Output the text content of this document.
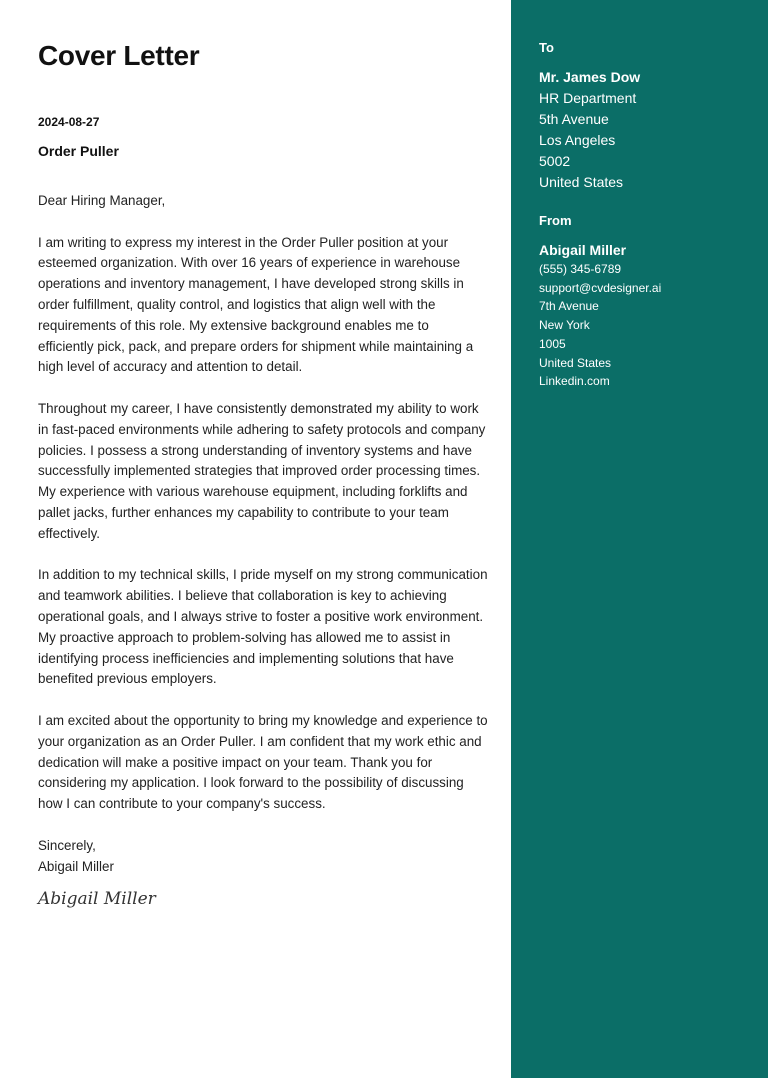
Cover Letter
2024-08-27
Order Puller

Dear Hiring Manager,

I am writing to express my interest in the Order Puller position at your esteemed organization. With over 16 years of experience in warehouse operations and inventory management, I have developed strong skills in order fulfillment, quality control, and logistics that align well with the requirements of this role. My extensive background enables me to efficiently pick, pack, and prepare orders for shipment while maintaining a high level of accuracy and attention to detail.

Throughout my career, I have consistently demonstrated my ability to work in fast-paced environments while adhering to safety protocols and company policies. I possess a strong understanding of inventory systems and have successfully implemented strategies that improved order processing times. My experience with various warehouse equipment, including forklifts and pallet jacks, further enhances my capability to contribute to your team effectively.

In addition to my technical skills, I pride myself on my strong communication and teamwork abilities. I believe that collaboration is key to achieving operational goals, and I always strive to foster a positive work environment. My proactive approach to problem-solving has allowed me to assist in identifying process inefficiencies and implementing solutions that have benefited previous employers.

I am excited about the opportunity to bring my knowledge and experience to your organization as an Order Puller. I am confident that my work ethic and dedication will make a positive impact on your team. Thank you for considering my application. I look forward to the possibility of discussing how I can contribute to your company's success.

Sincerely,
Abigail Miller
Abigail Miller
To
Mr. James Dow
HR Department
5th Avenue
Los Angeles
5002
United States
From
Abigail Miller
(555) 345-6789
support@cvdesigner.ai
7th Avenue
New York
1005
United States
Linkedin.com
